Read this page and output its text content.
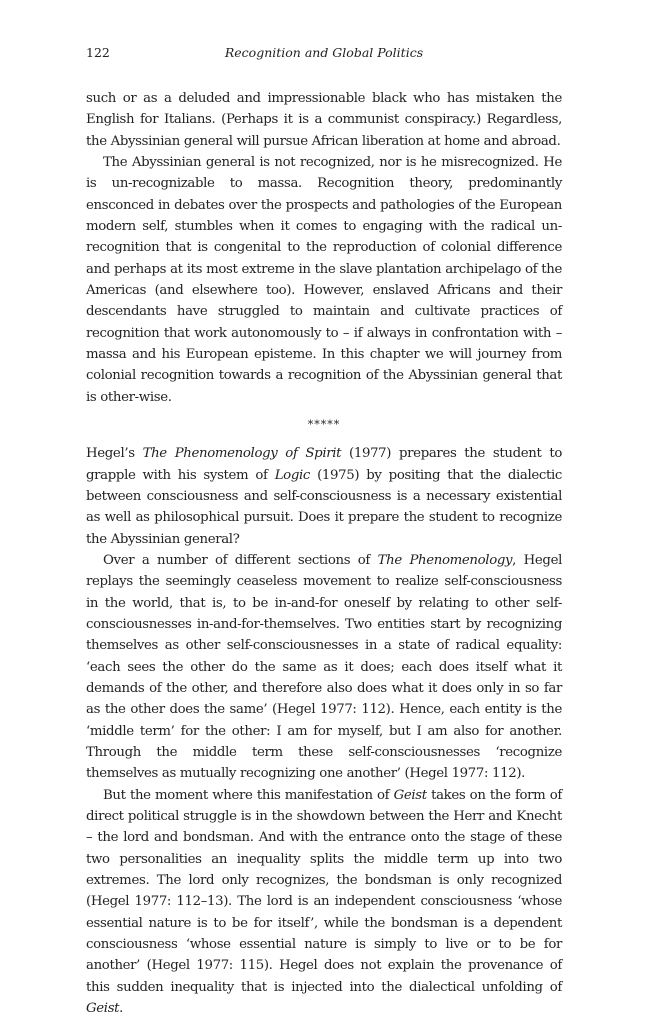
122	Recognition and Global Politics

such or as a deluded and impressionable black who has mistaken the English for Italians. (Perhaps it is a communist conspiracy.) Regardless, the Abyssinian general will pursue African liberation at home and abroad.

The Abyssinian general is not recognized, nor is he misrecognized. He is un-recognizable to massa. Recognition theory, predominantly ensconced in debates over the prospects and pathologies of the European modern self, stumbles when it comes to engaging with the radical un-recognition that is congenital to the reproduction of colonial difference and perhaps at its most extreme in the slave plantation archipelago of the Americas (and elsewhere too). However, enslaved Africans and their descendants have struggled to maintain and cultivate practices of recognition that work autonomously to – if always in confrontation with – massa and his European episteme. In this chapter we will journey from colonial recognition towards a recognition of the Abyssinian general that is other-wise.

*****

Hegel’s The Phenomenology of Spirit (1977) prepares the student to grapple with his system of Logic (1975) by positing that the dialectic between consciousness and self-consciousness is a necessary existential as well as philosophical pursuit. Does it prepare the student to recognize the Abyssinian general?

Over a number of different sections of The Phenomenology, Hegel replays the seemingly ceaseless movement to realize self-consciousness in the world, that is, to be in-and-for oneself by relating to other self-consciousnesses in-and-for-themselves. Two entities start by recognizing themselves as other self-consciousnesses in a state of radical equality: ‘each sees the other do the same as it does; each does itself what it demands of the other, and therefore also does what it does only in so far as the other does the same’ (Hegel 1977: 112). Hence, each entity is the ‘middle term’ for the other: I am for myself, but I am also for another. Through the middle term these self-consciousnesses ‘recognize themselves as mutually recognizing one another’ (Hegel 1977: 112).

But the moment where this manifestation of Geist takes on the form of direct political struggle is in the showdown between the Herr and Knecht – the lord and bondsman. And with the entrance onto the stage of these two personalities an inequality splits the middle term up into two extremes. The lord only recognizes, the bondsman is only recognized (Hegel 1977: 112–13). The lord is an independent consciousness ‘whose essential nature is to be for itself’, while the bondsman is a dependent consciousness ‘whose essential nature is simply to live or to be for another’ (Hegel 1977: 115). Hegel does not explain the provenance of this sudden inequality that is injected into the dialectical unfolding of Geist.
